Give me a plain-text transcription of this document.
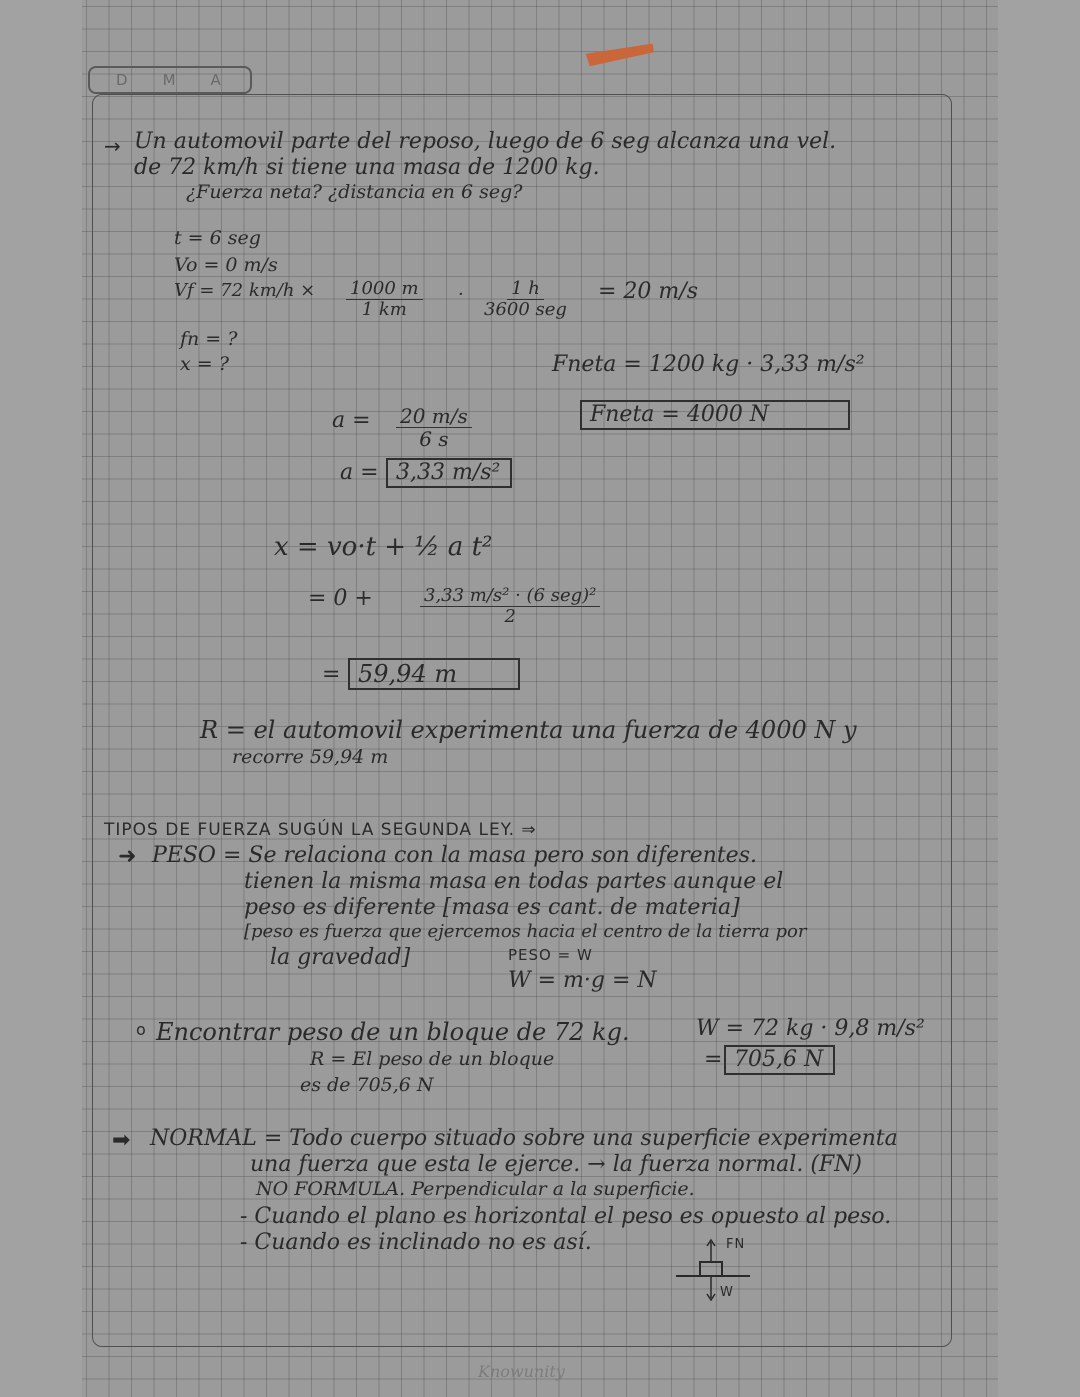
D M A
→ Un automovil parte del reposo, luego de 6 seg alcanza una vel.
de 72 km/h si tiene una masa de 1200 kg.
¿Fuerza neta? ¿distancia en 6 seg?
t = 6 seg
Vo = 0 m/s
Vf = 72 $km/h \times \frac{1000 m}{1 km}$ ·	1 h
3600 seg
= 20 m/s
fn = ?
x = ?	Fneta = 1200 kg · 3,33 m/s²
Fneta = 4000 N
$a = \frac{20 m/s}{6 s}$
a = 3,33 m/s²
x = vo·t + ½ a t²
= 0 +	3,33 m/s² · (6 seg)²
2
= 59,94 m
R = el automovil experimenta una fuerza de 4000 N y
recorre 59,94 m
TIPOS DE FUERZA SUGÚN LA SEGUNDA LEY. ⇒
➜ PESO = Se relaciona con la masa pero son diferentes.
tienen la misma masa en todas partes aunque el
peso es diferente [masa es cant. de materia]
[peso es fuerza que ejercemos hacia el centro de la tierra por
la gravedad]	PESO = W
W = m·g = N
o Encontrar peso de un bloque de 72 kg.
R = El peso de un bloque
es de 705,6 N
W = 72 kg · 9,8 m/s²
= 705,6 N
➡ NORMAL = Todo cuerpo situado sobre una superficie experimenta
una fuerza que esta le ejerce. → la fuerza normal. (FN)
NO FORMULA. Perpendicular a la superficie.
- Cuando el plano es horizontal el peso es opuesto al peso.
- Cuando es inclinado no es así.	FN
W
Knowunity
